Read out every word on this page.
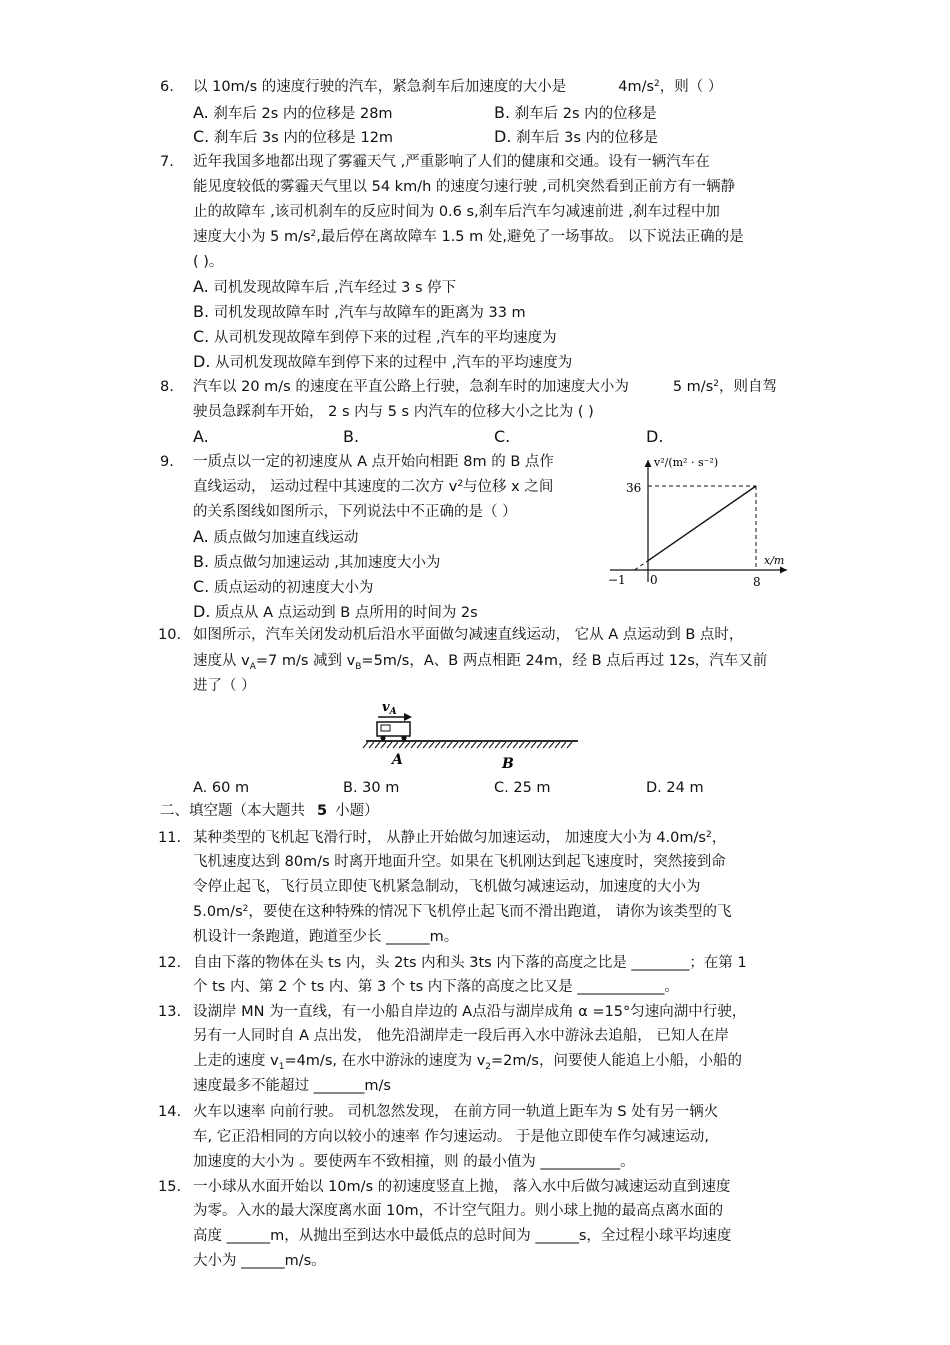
6. 以 10m/s 的速度行驶的汽车，紧急刹车后加速度的大小是	$4m/s^2$，则（ ）
A. 刹车后 2s 内的位移是 28m	B. 刹车后 2s 内的位移是
C. 刹车后 3s 内的位移是 12m	D. 刹车后 3s 内的位移是
7. 近年我国多地都出现了雾霾天气 ,严重影响了人们的健康和交通。设有一辆汽车在
能见度较低的雾霾天气里以 54 km/h 的速度匀速行驶 ,司机突然看到正前方有一辆静
止的故障车 ,该司机刹车的反应时间为 0.6 s,刹车后汽车匀减速前进 ,刹车过程中加
速度大小为 5 $m/s^2$,最后停在离故障车 1.5 m 处,避免了一场事故。 以下说法正确的是
( )。
A. 司机发现故障车后 ,汽车经过 3 s 停下
B. 司机发现故障车时 ,汽车与故障车的距离为 33 m
C. 从司机发现故障车到停下来的过程 ,汽车的平均速度为
D. 从司机发现故障车到停下来的过程中 ,汽车的平均速度为
8. 汽车以 20 m/s 的速度在平直公路上行驶，急刹车时的加速度大小为	5 $m/s^2$，则自驾
驶员急踩刹车开始， 2 s 内与 5 s 内汽车的位移大小之比为 ( )
A.	B.	C.	D.
9. 一质点以一定的初速度从 A 点开始向相距 8m 的 B 点作
直线运动， 运动过程中其速度的二次方 $v^2$与位移 x 之间
的关系图线如图所示，下列说法中不正确的是（ ）
A. 质点做匀加速直线运动
B. 质点做匀加速运动 ,其加速度大小为
C. 质点运动的初速度大小为
D. 质点从 A 点运动到 B 点所用的时间为 2s
v²/(m² · s⁻²)
x/m
36
−1 0	8
10. 如图所示，汽车关闭发动机后沿水平面做匀减速直线运动， 它从 A 点运动到 B 点时，
速度从 $v_A=7$ m/s 减到 $v_B=5m/s$，A、B 两点相距 24m，经 B 点后再过 12s，汽车又前
进了（ ）
$v_A$
A	B
A. 60 m	B. 30 m	C. 25 m	D. 24 m
二、填空题（本大题共 5 小题）
11. 某种类型的飞机起飞滑行时， 从静止开始做匀加速运动， 加速度大小为 $4.0m/s^2$，
飞机速度达到 80m/s 时离开地面升空。如果在飞机刚达到起飞速度时，突然接到命
令停止起飞，飞行员立即使飞机紧急制动，飞机做匀减速运动，加速度的大小为
$5.0m/s^2$，要使在这种特殊的情况下飞机停止起飞而不滑出跑道， 请你为该类型的飞
机设计一条跑道，跑道至少长 ______m。
12. 自由下落的物体在头 ts 内，头 2ts 内和头 3ts 内下落的高度之比是 ________；在第 1
个 ts 内、第 2 个 ts 内、第 3 个 ts 内下落的高度之比又是 ____________。
13. 设湖岸 MN 为一直线，有一小船自岸边的 A点沿与湖岸成角 α =15°匀速向湖中行驶，
另有一人同时自 A 点出发， 他先沿湖岸走一段后再入水中游泳去追船， 已知人在岸
上走的速度 $v_1=4m/s$, 在水中游泳的速度为 $v_2=2m/s$，问要使人能追上小船，小船的
速度最多不能超过 _______m/s
14. 火车以速率 向前行驶。 司机忽然发现， 在前方同一轨道上距车为 S 处有另一辆火
车, 它正沿相同的方向以较小的速率 作匀速运动。 于是他立即使车作匀减速运动,
加速度的大小为 。要使两车不致相撞，则 的最小值为 ___________。
15. 一小球从水面开始以 10m/s 的初速度竖直上抛， 落入水中后做匀减速运动直到速度
为零。入水的最大深度离水面 10m，不计空气阻力。则小球上抛的最高点离水面的
高度 ______m，从抛出至到达水中最低点的总时间为 ______s，全过程小球平均速度
大小为 ______m/s。
